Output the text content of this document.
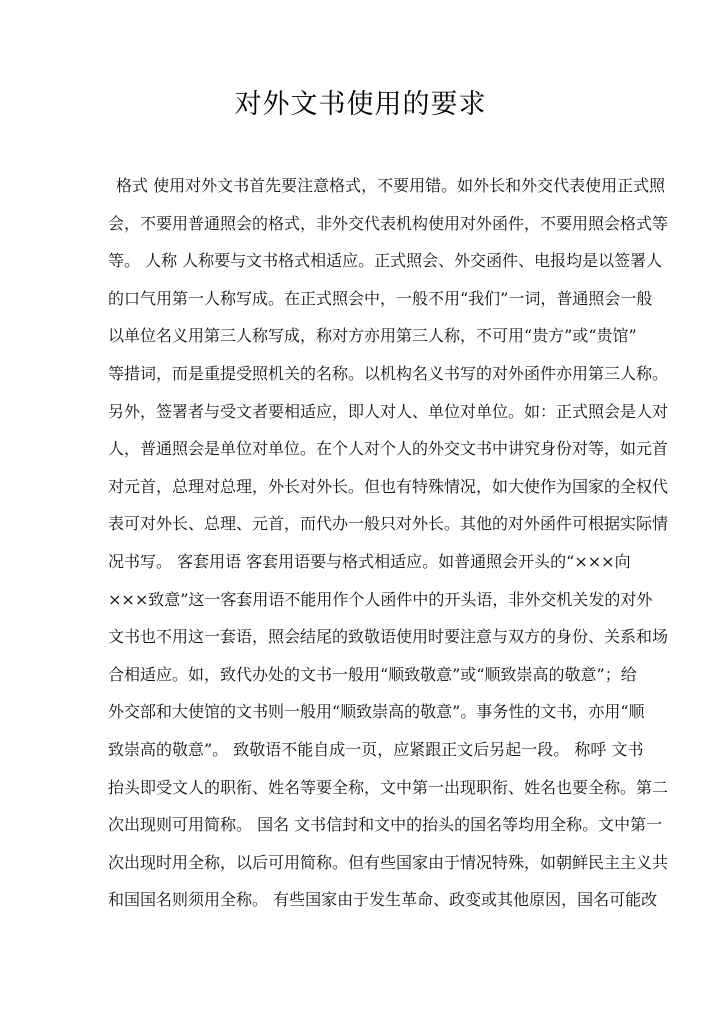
对外文书使用的要求
格式 使用对外文书首先要注意格式，不要用错。如外长和外交代表使用正式照
会，不要用普通照会的格式，非外交代表机构使用对外函件，不要用照会格式等
等。 人称 人称要与文书格式相适应。正式照会、外交函件、电报均是以签署人
的口气用第一人称写成。在正式照会中，一般不用“我们”一词，普通照会一般
以单位名义用第三人称写成，称对方亦用第三人称，不可用“贵方”或“贵馆”
等措词，而是重提受照机关的名称。以机构名义书写的对外函件亦用第三人称。
另外，签署者与受文者要相适应，即人对人、单位对单位。如：正式照会是人对
人，普通照会是单位对单位。在个人对个人的外交文书中讲究身份对等，如元首
对元首，总理对总理，外长对外长。但也有特殊情况，如大使作为国家的全权代
表可对外长、总理、元首，而代办一般只对外长。其他的对外函件可根据实际情
况书写。 客套用语 客套用语要与格式相适应。如普通照会开头的“×××向
×××致意”这一客套用语不能用作个人函件中的开头语，非外交机关发的对外
文书也不用这一套语，照会结尾的致敬语使用时要注意与双方的身份、关系和场
合相适应。如，致代办处的文书一般用“顺致敬意”或“顺致崇高的敬意”；给
外交部和大使馆的文书则一般用“顺致崇高的敬意”。事务性的文书，亦用“顺
致崇高的敬意”。 致敬语不能自成一页，应紧跟正文后另起一段。 称呼 文书
抬头即受文人的职衔、姓名等要全称，文中第一出现职衔、姓名也要全称。第二
次出现则可用简称。 国名 文书信封和文中的抬头的国名等均用全称。文中第一
次出现时用全称，以后可用简称。但有些国家由于情况特殊，如朝鲜民主主义共
和国国名则须用全称。 有些国家由于发生革命、政变或其他原因，国名可能改
